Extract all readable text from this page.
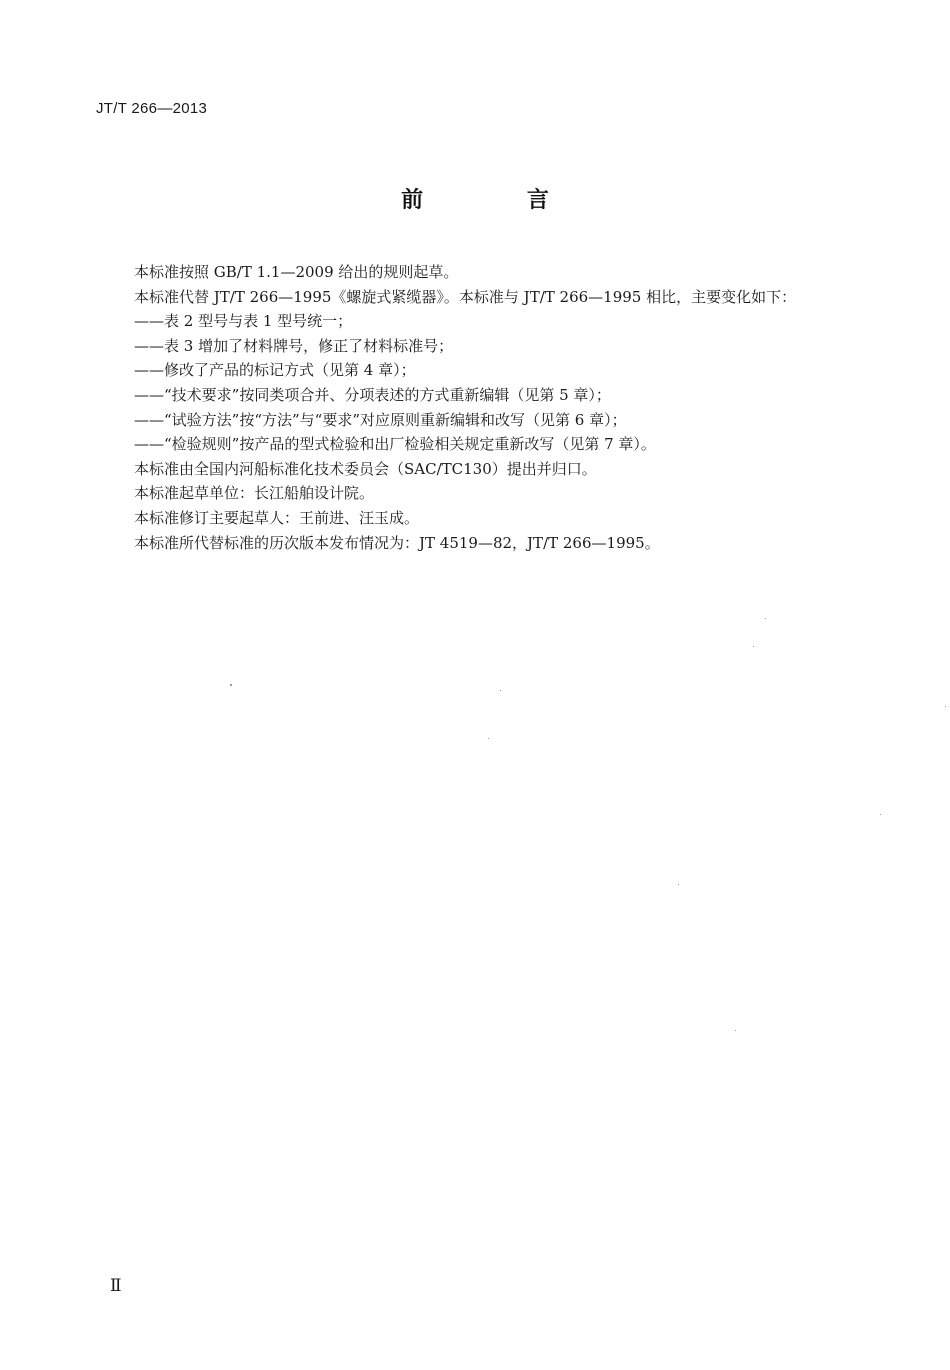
JT/T 266—2013
前 言
本标准按照 GB/T 1.1—2009 给出的规则起草。
本标准代替 JT/T 266—1995《螺旋式紧缆器》。本标准与 JT/T 266—1995 相比，主要变化如下：
——表 2 型号与表 1 型号统一；
——表 3 增加了材料牌号，修正了材料标准号；
——修改了产品的标记方式（见第 4 章）；
——“技术要求”按同类项合并、分项表述的方式重新编辑（见第 5 章）；
——“试验方法”按“方法”与“要求”对应原则重新编辑和改写（见第 6 章）；
——“检验规则”按产品的型式检验和出厂检验相关规定重新改写（见第 7 章）。
本标准由全国内河船标准化技术委员会（SAC/TC130）提出并归口。
本标准起草单位：长江船舶设计院。
本标准修订主要起草人：王前进、汪玉成。
本标准所代替标准的历次版本发布情况为：JT 4519—82，JT/T 266—1995。
Ⅱ
